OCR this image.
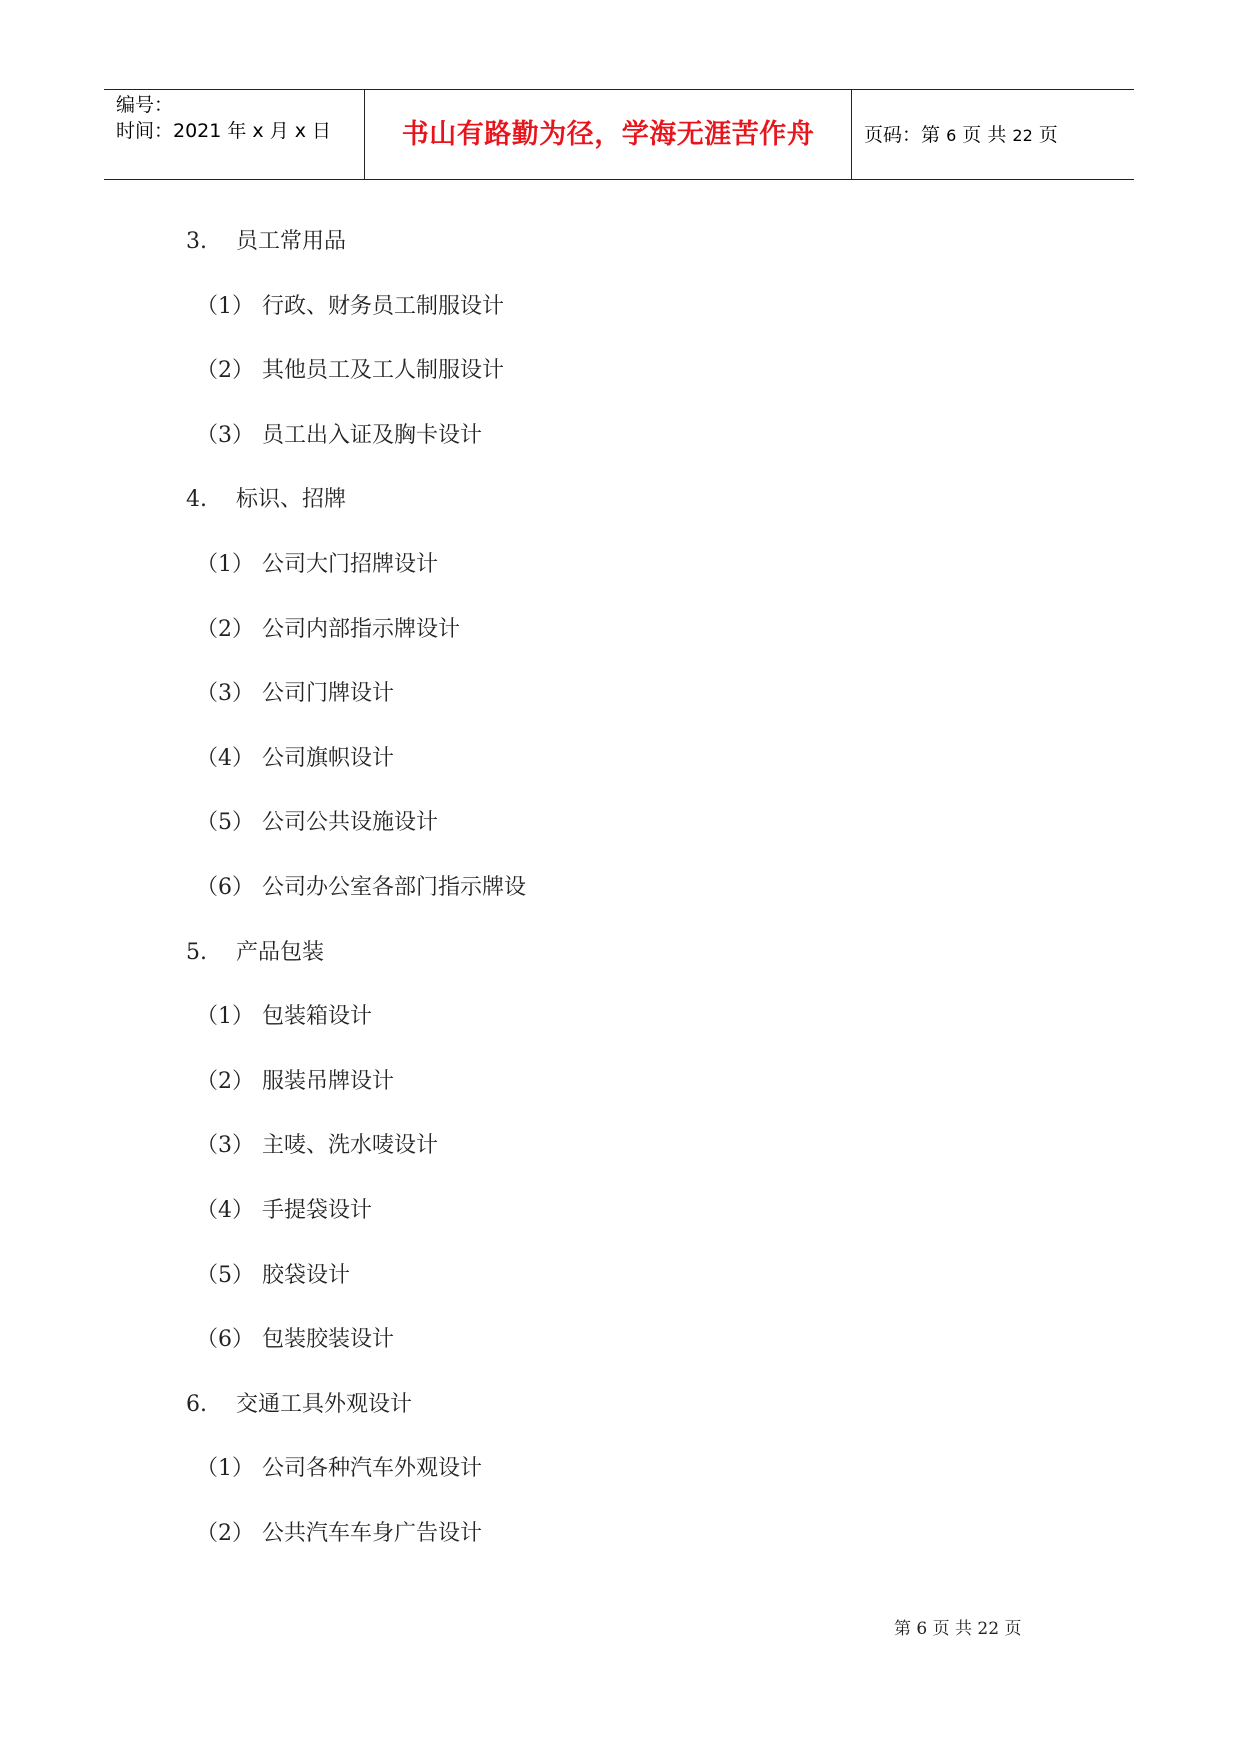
编号：
时间：2021 年 x 月 x 日	书山有路勤为径，学海无涯苦作舟	页码：第 6 页 共 22 页
3. 员工常用品
（1） 行政、财务员工制服设计
（2） 其他员工及工人制服设计
（3） 员工出入证及胸卡设计
4. 标识、招牌
（1） 公司大门招牌设计
（2） 公司内部指示牌设计
（3） 公司门牌设计
（4） 公司旗帜设计
（5） 公司公共设施设计
（6） 公司办公室各部门指示牌设
5. 产品包装
（1） 包装箱设计
（2） 服装吊牌设计
（3） 主唛、洗水唛设计
（4） 手提袋设计
（5） 胶袋设计
（6） 包装胶装设计
6. 交通工具外观设计
（1） 公司各种汽车外观设计
（2） 公共汽车车身广告设计
第 6 页 共 22 页
